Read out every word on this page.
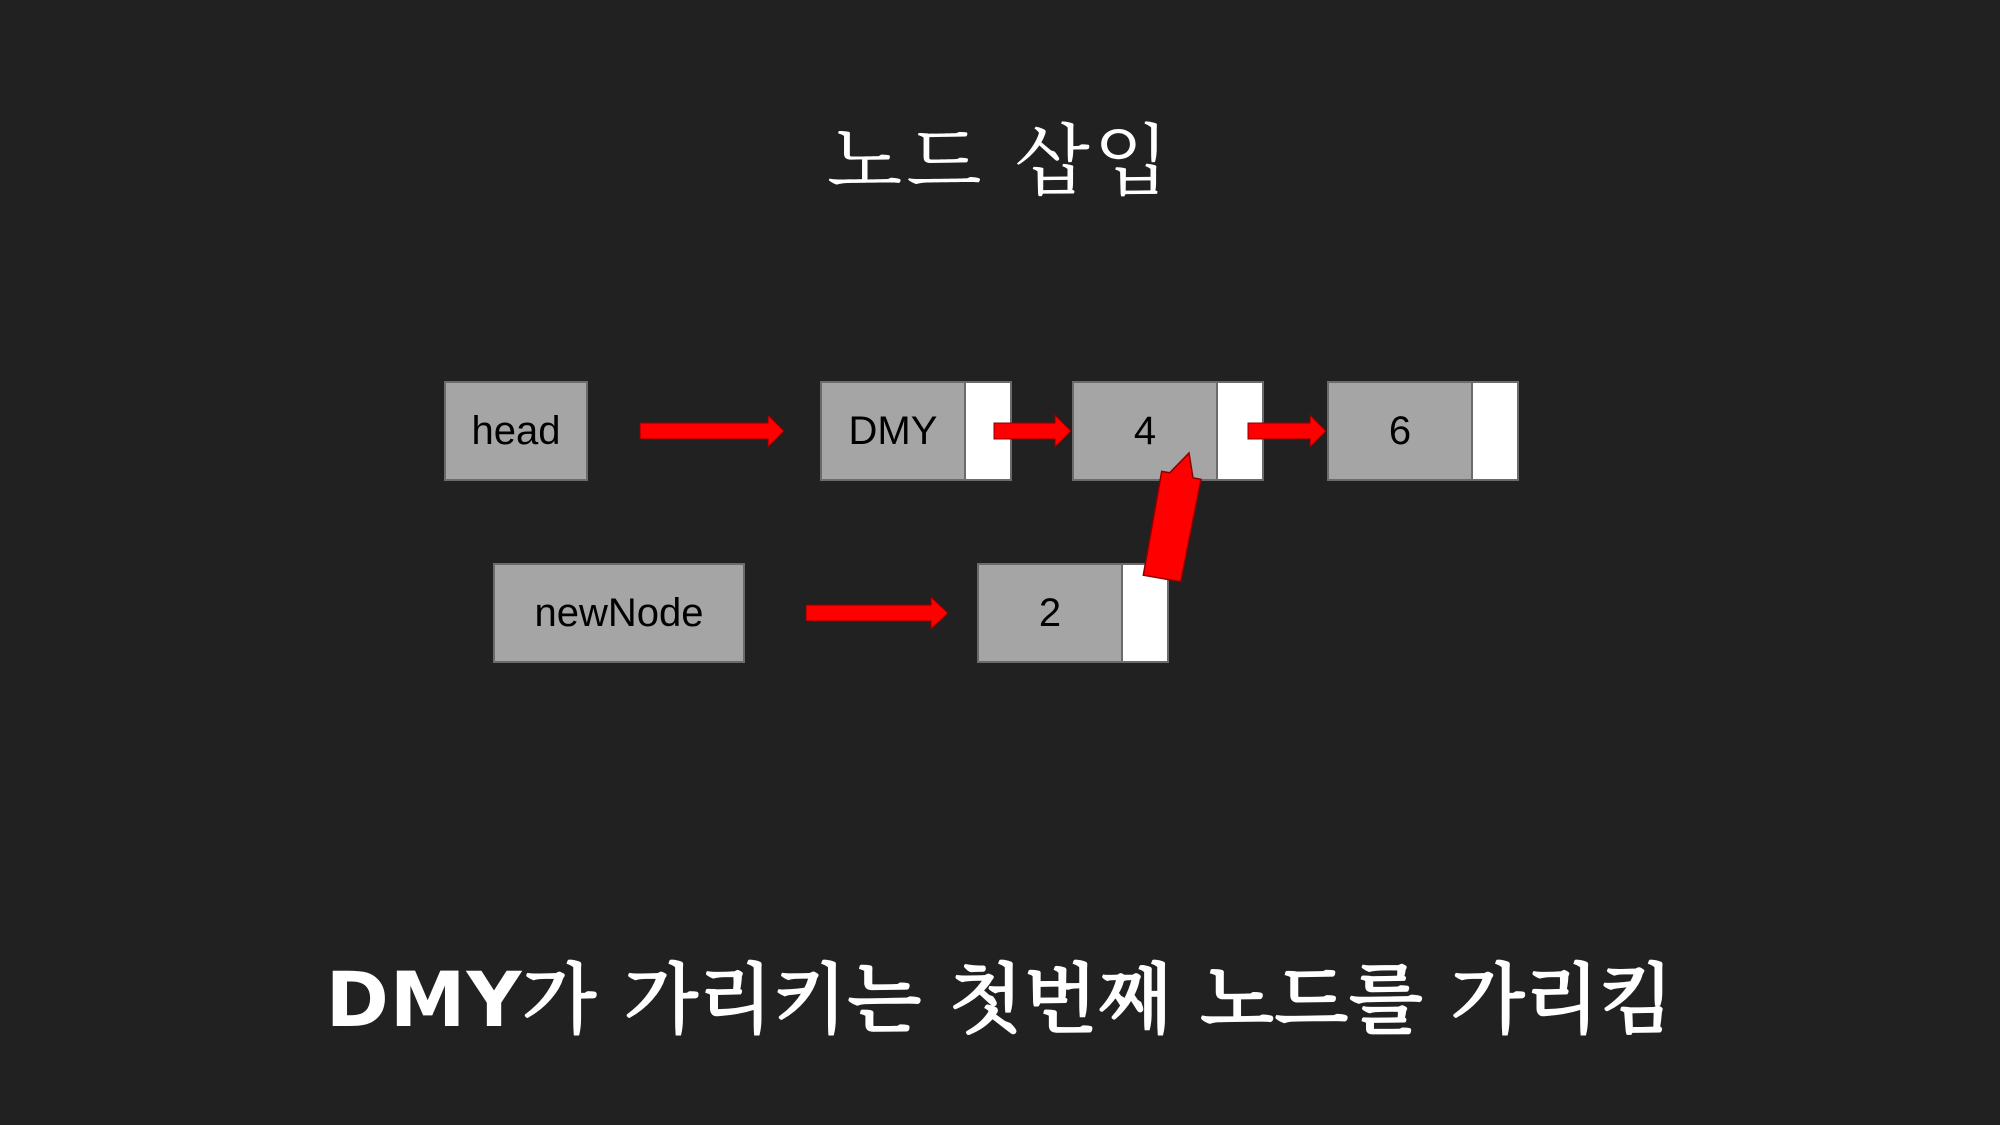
노드 삽입
head	DMY	4	6
newNode	2
DMY가 가리키는 첫번째 노드를 가리킴
